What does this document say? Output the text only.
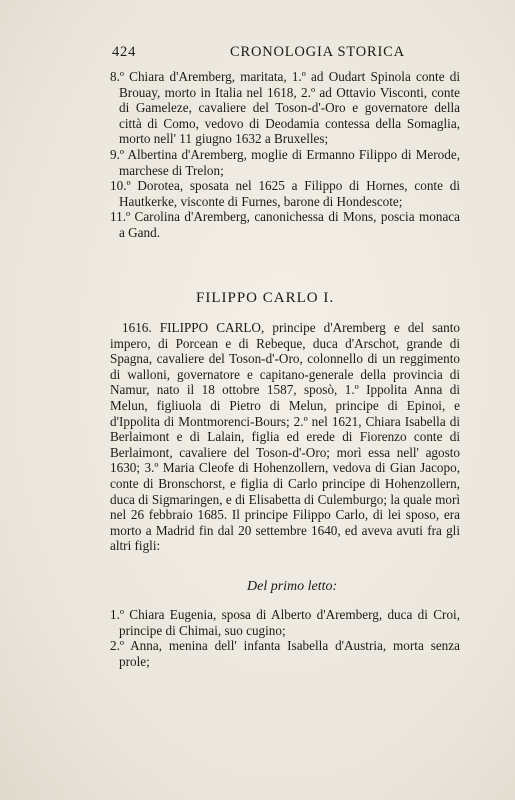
424	CRONOLOGIA STORICA

8.º Chiara d'Aremberg, maritata, 1.º ad Oudart Spinola conte di Brouay, morto in Italia nel 1618, 2.º ad Ottavio Visconti, conte di Gameleze, cavaliere del Toson-d'-Oro e governatore della città di Como, vedovo di Deodamia contessa della Somaglia, morto nell' 11 giugno 1632 a Bruxelles;

9.º Albertina d'Aremberg, moglie di Ermanno Filippo di Merode, marchese di Trelon;

10.º Dorotea, sposata nel 1625 a Filippo di Hornes, conte di Hautkerke, visconte di Furnes, barone di Hondescote;

11.º Carolina d'Aremberg, canonichessa di Mons, poscia monaca a Gand.

FILIPPO CARLO I.

1616. FILIPPO CARLO, principe d'Aremberg e del santo impero, di Porcean e di Rebeque, duca d'Arschot, grande di Spagna, cavaliere del Toson-d'-Oro, colonnello di un reggimento di walloni, governatore e capitano-generale della provincia di Namur, nato il 18 ottobre 1587, sposò, 1.º Ippolita Anna di Melun, figliuola di Pietro di Melun, principe di Epinoi, e d'Ippolita di Montmorenci-Bours; 2.º nel 1621, Chiara Isabella di Berlaimont e di Lalain, figlia ed erede di Fiorenzo conte di Berlaimont, cavaliere del Toson-d'-Oro; morì essa nell' agosto 1630; 3.º Maria Cleofe di Hohenzollern, vedova di Gian Jacopo, conte di Bronschorst, e figlia di Carlo principe di Hohenzollern, duca di Sigmaringen, e di Elisabetta di Culemburgo; la quale morì nel 26 febbraio 1685. Il principe Filippo Carlo, di lei sposo, era morto a Madrid fin dal 20 settembre 1640, ed aveva avuti fra gli altri figli:

Del primo letto:

1.º Chiara Eugenia, sposa di Alberto d'Aremberg, duca di Croi, principe di Chimai, suo cugino;

2.º Anna, menina dell' infanta Isabella d'Austria, morta senza prole;
